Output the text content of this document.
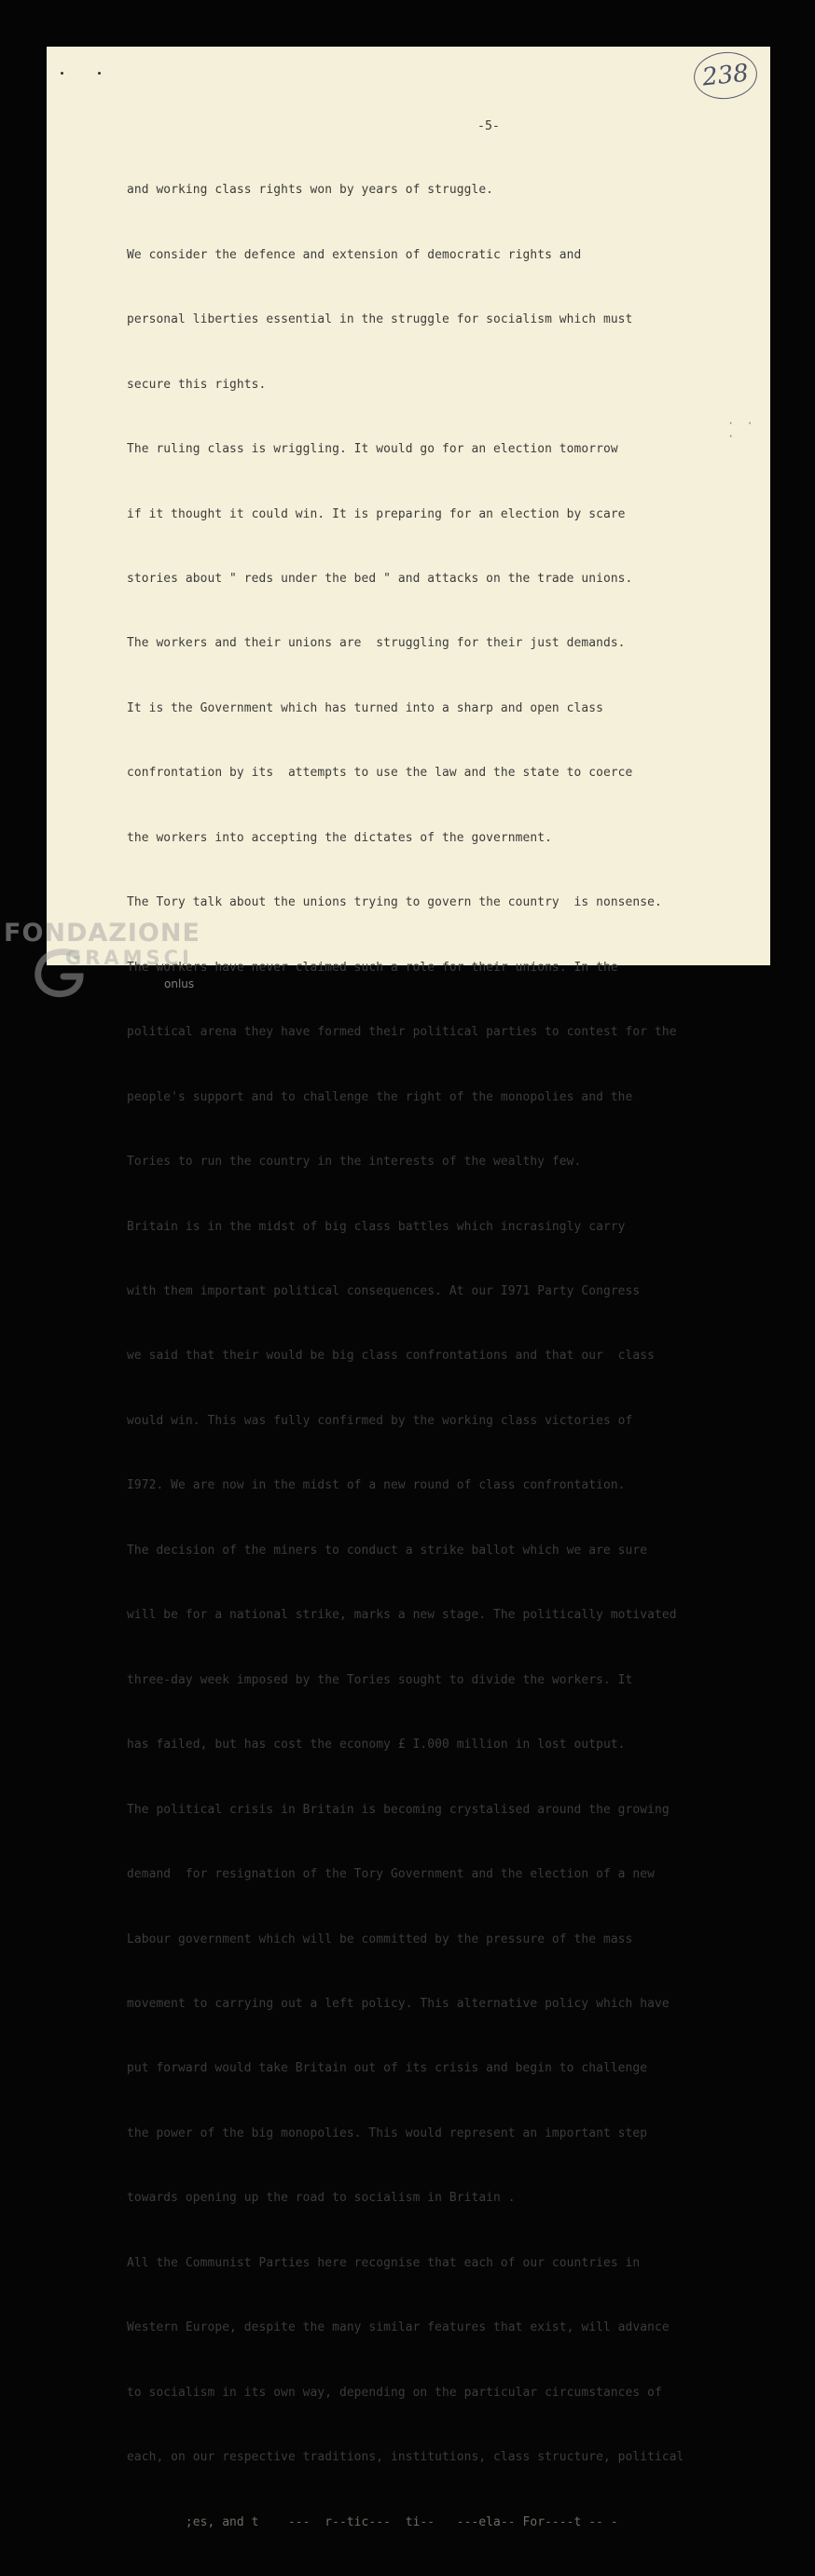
238
-5-

and working class rights won by years of struggle.

We consider the defence and extension of democratic rights and

personal liberties essential in the struggle for socialism which must

secure this rights.

The ruling class is wriggling. It would go for an election tomorrow

if it thought it could win. It is preparing for an election by scare

stories about " reds under the bed " and attacks on the trade unions.

The workers and their unions are  struggling for their just demands.

It is the Government which has turned into a sharp and open class

confrontation by its  attempts to use the law and the state to coerce

the workers into accepting the dictates of the government.

The Tory talk about the unions trying to govern the country  is nonsense.

The workers have never claimed such a role for their unions. In the

political arena they have formed their political parties to contest for the

people's support and to challenge the right of the monopolies and the

Tories to run the country in the interests of the wealthy few.

Britain is in the midst of big class battles which incrasingly carry

with them important political consequences. At our I971 Party Congress

we said that their would be big class confrontations and that our  class

would win. This was fully confirmed by the working class victories of

I972. We are now in the midst of a new round of class confrontation.

The decision of the miners to conduct a strike ballot which we are sure

will be for a national strike, marks a new stage. The politically motivated

three-day week imposed by the Tories sought to divide the workers. It

has failed, but has cost the economy £ I.000 million in lost output.

The political crisis in Britain is becoming crystalised around the growing

demand  for resignation of the Tory Government and the election of a new

Labour government which will be committed by the pressure of the mass

movement to carrying out a left policy. This alternative policy which have

put forward would take Britain out of its crisis and begin to challenge

the power of the big monopolies. This would represent an important step

towards opening up the road to socialism in Britain .

All the Communist Parties here recognise that each of our countries in

Western Europe, despite the many similar features that exist, will advance

to socialism in its own way, depending on the particular circumstances of

each, on our respective traditions, institutions, class structure, political

;es, and t    ---  r--tic---  ti--   ---ela-- For----t -- -

· · ·
FONDAZIONE
GRAMSCI
onlus
